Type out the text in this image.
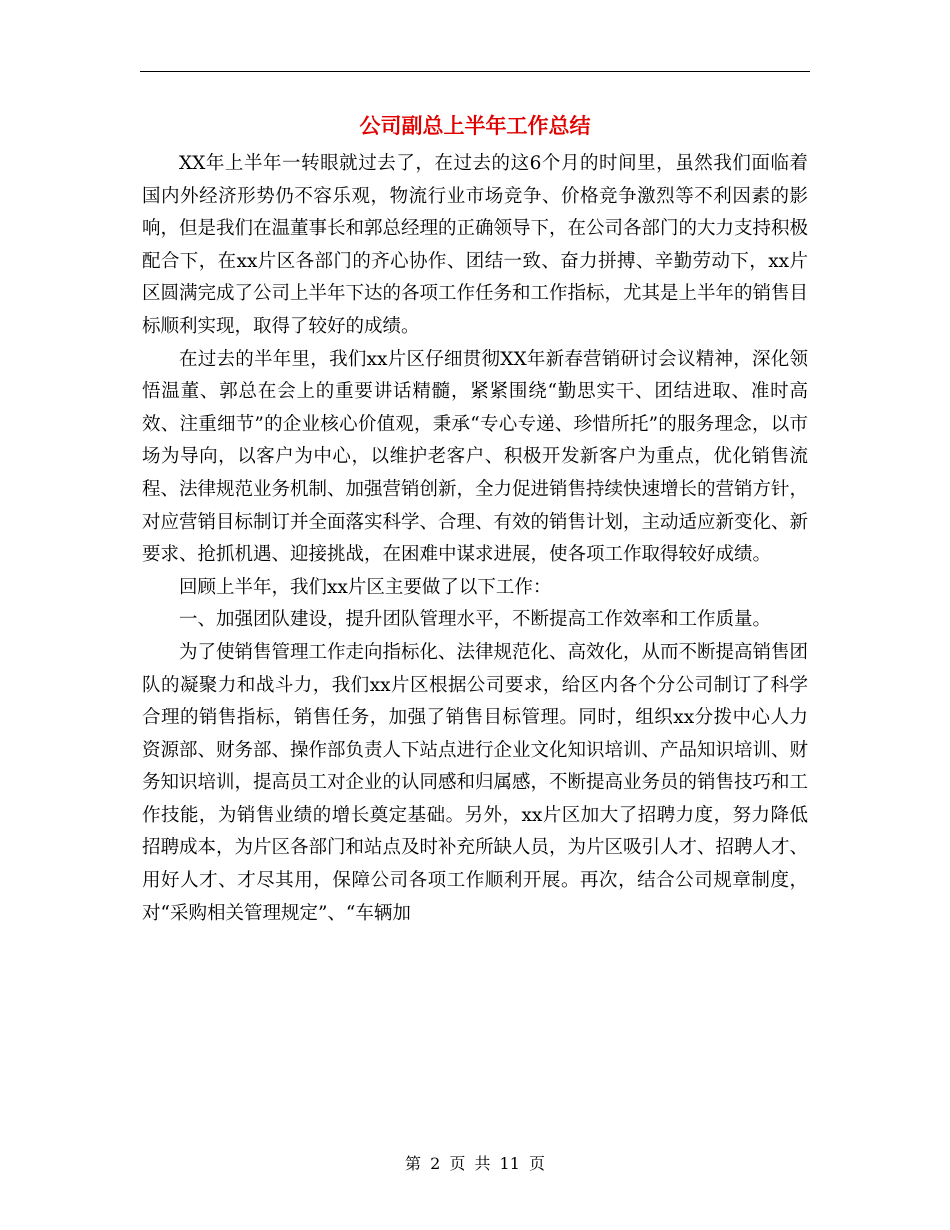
公司副总上半年工作总结

XX年上半年一转眼就过去了，在过去的这6个月的时间里，虽然我们面临着国内外经济形势仍不容乐观，物流行业市场竞争、价格竞争激烈等不利因素的影响，但是我们在温董事长和郭总经理的正确领导下，在公司各部门的大力支持积极配合下，在xx片区各部门的齐心协作、团结一致、奋力拼搏、辛勤劳动下，xx片区圆满完成了公司上半年下达的各项工作任务和工作指标，尤其是上半年的销售目标顺利实现，取得了较好的成绩。

在过去的半年里，我们xx片区仔细贯彻XX年新春营销研讨会议精神，深化领悟温董、郭总在会上的重要讲话精髓，紧紧围绕“勤思实干、团结进取、准时高效、注重细节”的企业核心价值观，秉承“专心专递、珍惜所托”的服务理念，以市场为导向，以客户为中心，以维护老客户、积极开发新客户为重点，优化销售流程、法律规范业务机制、加强营销创新，全力促进销售持续快速增长的营销方针，对应营销目标制订并全面落实科学、合理、有效的销售计划，主动适应新变化、新要求、抢抓机遇、迎接挑战，在困难中谋求进展，使各项工作取得较好成绩。

回顾上半年，我们xx片区主要做了以下工作：

一、加强团队建设，提升团队管理水平，不断提高工作效率和工作质量。

为了使销售管理工作走向指标化、法律规范化、高效化，从而不断提高销售团队的凝聚力和战斗力，我们xx片区根据公司要求，给区内各个分公司制订了科学合理的销售指标，销售任务，加强了销售目标管理。同时，组织xx分拨中心人力资源部、财务部、操作部负责人下站点进行企业文化知识培训、产品知识培训、财务知识培训，提高员工对企业的认同感和归属感，不断提高业务员的销售技巧和工作技能，为销售业绩的增长奠定基础。另外，xx片区加大了招聘力度，努力降低招聘成本，为片区各部门和站点及时补充所缺人员，为片区吸引人才、招聘人才、用好人才、才尽其用，保障公司各项工作顺利开展。再次，结合公司规章制度，对“采购相关管理规定”、“车辆加

第 2 页 共 11 页
